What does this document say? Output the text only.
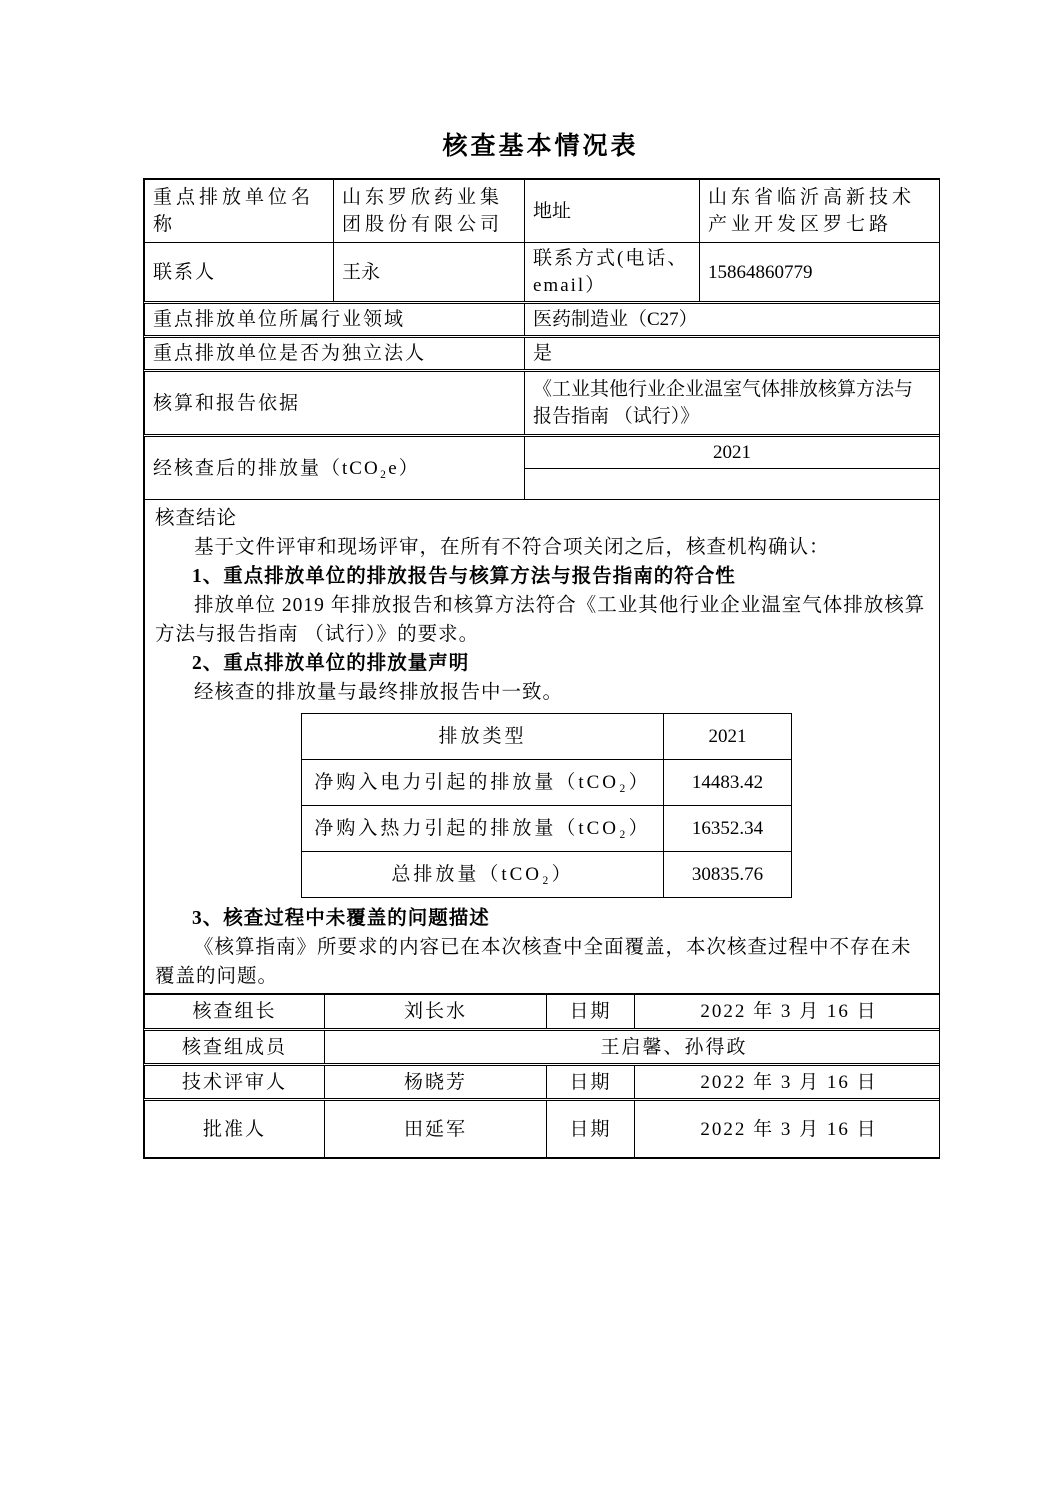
核查基本情况表
重点排放单位名称	山东罗欣药业集团股份有限公司	地址	山东省临沂高新技术产业开发区罗七路
联系人	王永	联系方式(电话、email）	15864860779
重点排放单位所属行业领域	医药制造业（C27）
重点排放单位是否为独立法人	是
核算和报告依据	《工业其他行业企业温室气体排放核算方法与报告指南 （试行）》
经核查后的排放量（tCO₂e）	2021

核查结论

基于文件评审和现场评审，在所有不符合项关闭之后，核查机构确认：

1、重点排放单位的排放报告与核算方法与报告指南的符合性

排放单位 2019 年排放报告和核算方法符合《工业其他行业企业温室气体排放核算方法与报告指南 （试行）》的要求。

2、重点排放单位的排放量声明

经核查的排放量与最终排放报告中一致。

排放类型	2021
净购入电力引起的排放量（tCO₂）	14483.42
净购入热力引起的排放量（tCO₂）	16352.34
总排放量（tCO₂）	30835.76

3、核查过程中未覆盖的问题描述

《核算指南》所要求的内容已在本次核查中全面覆盖，本次核查过程中不存在未覆盖的问题。

核查组长	刘长水	日期	2022 年 3 月 16 日
核查组成员	王启馨、孙得政		
技术评审人	杨晓芳	日期	2022 年 3 月 16 日
批准人	田延军	日期	2022 年 3 月 16 日
